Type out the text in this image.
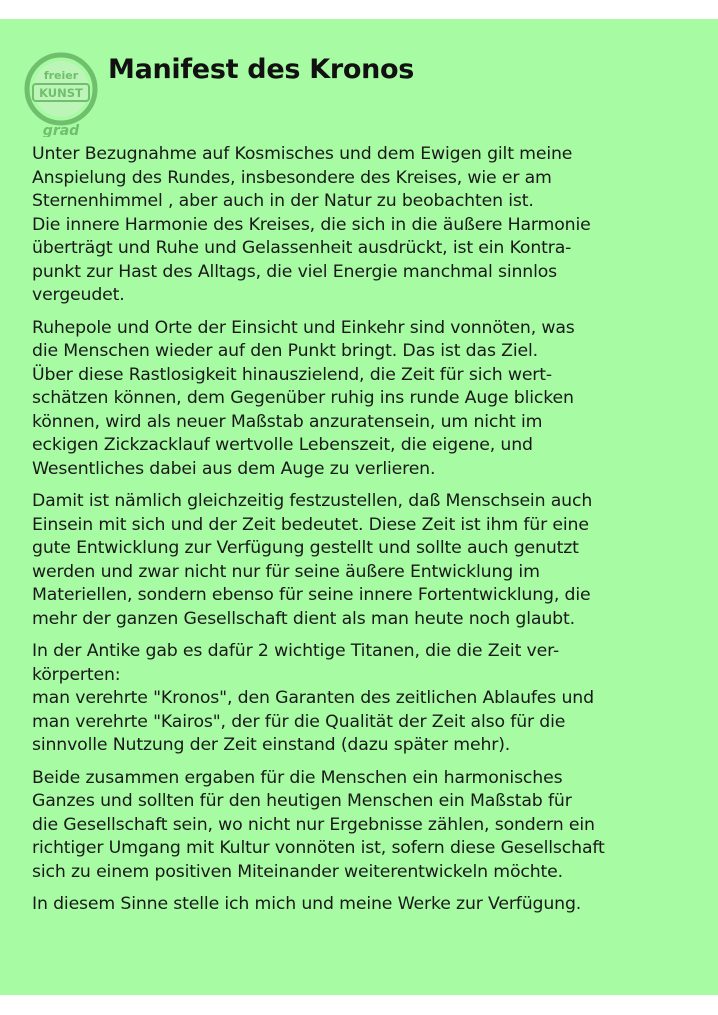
freier
KUNST
grad
Manifest des Kronos

Unter Bezugnahme auf Kosmisches und dem Ewigen gilt meine
Anspielung des Rundes, insbesondere des Kreises, wie er am
Sternenhimmel , aber auch in der Natur zu beobachten ist.
Die innere Harmonie des Kreises, die sich in die äußere Harmonie
überträgt und Ruhe und Gelassenheit ausdrückt, ist ein Kontra-
punkt zur Hast des Alltags, die viel Energie manchmal sinnlos
vergeudet.

Ruhepole und Orte der Einsicht und Einkehr sind vonnöten, was
die Menschen wieder auf den Punkt bringt. Das ist das Ziel.
Über diese Rastlosigkeit hinauszielend, die Zeit für sich wert-
schätzen können, dem Gegenüber ruhig ins runde Auge blicken
können, wird als neuer Maßstab anzuratensein, um nicht im
eckigen Zickzacklauf wertvolle Lebenszeit, die eigene, und
Wesentliches dabei aus dem Auge zu verlieren.

Damit ist nämlich gleichzeitig festzustellen, daß Menschsein auch
Einsein mit sich und der Zeit bedeutet. Diese Zeit ist ihm für eine
gute Entwicklung zur Verfügung gestellt und sollte auch genutzt
werden und zwar nicht nur für seine äußere Entwicklung im
Materiellen, sondern ebenso für seine innere Fortentwicklung, die
mehr der ganzen Gesellschaft dient als man heute noch glaubt.

In der Antike gab es dafür 2 wichtige Titanen, die die Zeit ver-
körperten:
man verehrte "Kronos", den Garanten des zeitlichen Ablaufes und
man verehrte "Kairos", der für die Qualität der Zeit also für die
sinnvolle Nutzung der Zeit einstand (dazu später mehr).

Beide zusammen ergaben für die Menschen ein harmonisches
Ganzes und sollten für den heutigen Menschen ein Maßstab für
die Gesellschaft sein, wo nicht nur Ergebnisse zählen, sondern ein
richtiger Umgang mit Kultur vonnöten ist, sofern diese Gesellschaft
sich zu einem positiven Miteinander weiterentwickeln möchte.

In diesem Sinne stelle ich mich und meine Werke zur Verfügung.
